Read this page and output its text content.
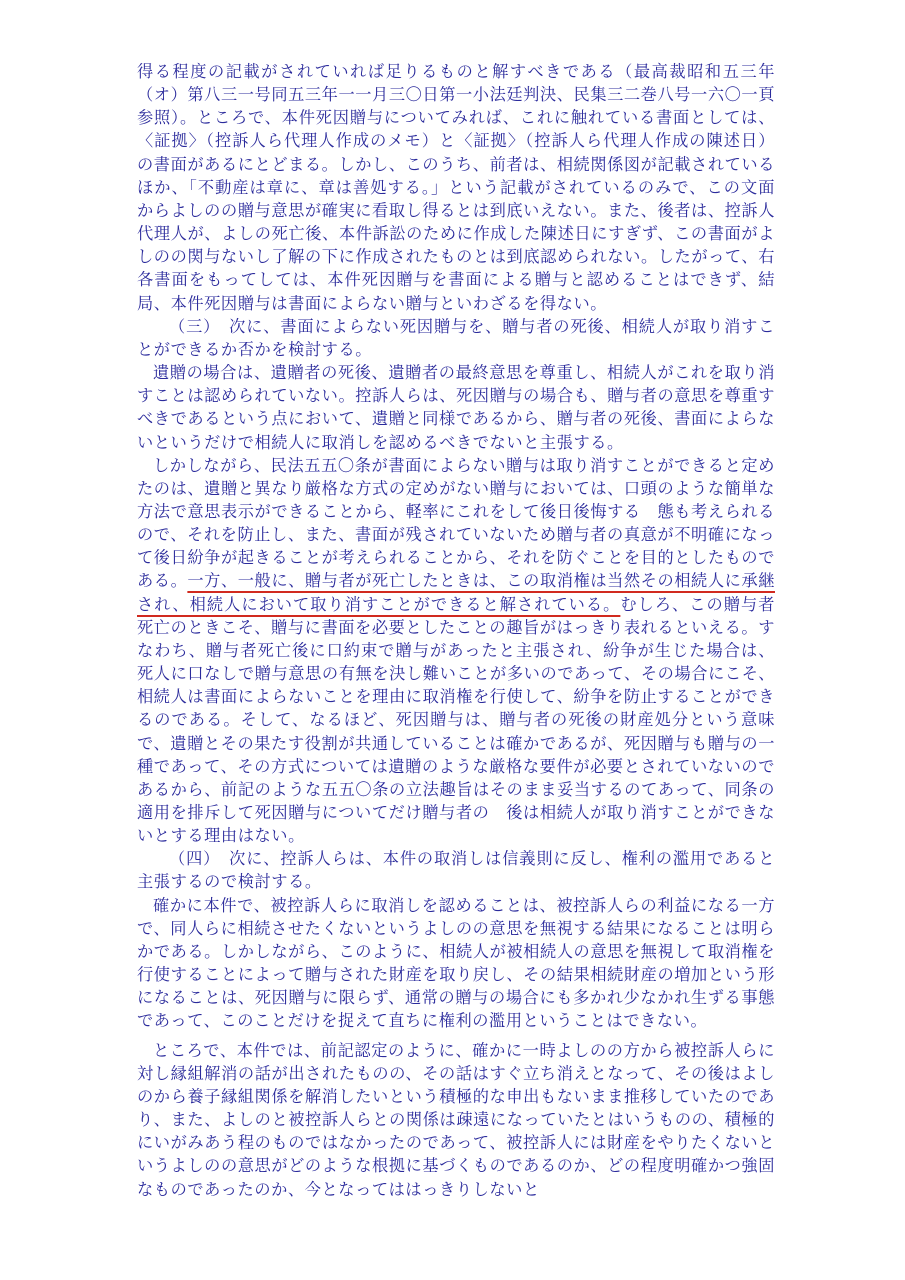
得る程度の記載がされていれば足りるものと解すべきである（最高裁昭和五三年（オ）第八三一号同五三年一一月三〇日第一小法廷判決、民集三二巻八号一六〇一頁参照）。ところで、本件死因贈与についてみれば、これに触れている書面としては、〈証拠〉（控訴人ら代理人作成のメモ）と〈証拠〉（控訴人ら代理人作成の陳述日）の書面があるにとどまる。しかし、このうち、前者は、相続関係図が記載されているほか、「不動産は章に、章は善処する。」という記載がされているのみで、この文面からよしのの贈与意思が確実に看取し得るとは到底いえない。また、後者は、控訴人代理人が、よしの死亡後、本件訴訟のために作成した陳述日にすぎず、この書面がよしのの関与ないし了解の下に作成されたものとは到底認められない。したがって、右各書面をもってしては、本件死因贈与を書面による贈与と認めることはできず、結局、本件死因贈与は書面によらない贈与といわざるを得ない。

（三）　次に、書面によらない死因贈与を、贈与者の死後、相続人が取り消すことができるか否かを検討する。

遺贈の場合は、遺贈者の死後、遺贈者の最終意思を尊重し、相続人がこれを取り消すことは認められていない。控訴人らは、死因贈与の場合も、贈与者の意思を尊重すべきであるという点において、遺贈と同様であるから、贈与者の死後、書面によらないというだけで相続人に取消しを認めるべきでないと主張する。

しかしながら、民法五五〇条が書面によらない贈与は取り消すことができると定めたのは、遺贈と異なり厳格な方式の定めがない贈与においては、口頭のような簡単な方法で意思表示ができることから、軽率にこれをして後日後悔する　態も考えられるので、それを防止し、また、書面が残されていないため贈与者の真意が不明確になって後日紛争が起きることが考えられることから、それを防ぐことを目的としたものである。一方、一般に、贈与者が死亡したときは、この取消権は当然その相続人に承継され、相続人において取り消すことができると解されている。むしろ、この贈与者死亡のときこそ、贈与に書面を必要としたことの趣旨がはっきり表れるといえる。すなわち、贈与者死亡後に口約束で贈与があったと主張され、紛争が生じた場合は、死人に口なしで贈与意思の有無を決し難いことが多いのであって、その場合にこそ、相続人は書面によらないことを理由に取消権を行使して、紛争を防止することができるのである。そして、なるほど、死因贈与は、贈与者の死後の財産処分という意味で、遺贈とその果たす役割が共通していることは確かであるが、死因贈与も贈与の一種であって、その方式については遺贈のような厳格な要件が必要とされていないのであるから、前記のような五五〇条の立法趣旨はそのまま妥当するのてあって、同条の適用を排斥して死因贈与についてだけ贈与者の　後は相続人が取り消すことができないとする理由はない。

（四）　次に、控訴人らは、本件の取消しは信義則に反し、権利の濫用であると主張するので検討する。

確かに本件で、被控訴人らに取消しを認めることは、被控訴人らの利益になる一方で、同人らに相続させたくないというよしのの意思を無視する結果になることは明らかである。しかしながら、このように、相続人が被相続人の意思を無視して取消権を行使することによって贈与された財産を取り戻し、その結果相続財産の増加という形になることは、死因贈与に限らず、通常の贈与の場合にも多かれ少なかれ生ずる事態であって、このことだけを捉えて直ちに権利の濫用ということはできない。

ところで、本件では、前記認定のように、確かに一時よしのの方から被控訴人らに対し縁組解消の話が出されたものの、その話はすぐ立ち消えとなって、その後はよしのから養子縁組関係を解消したいという積極的な申出もないまま推移していたのであり、また、よしのと被控訴人らとの関係は疎遠になっていたとはいうものの、積極的にいがみあう程のものではなかったのであって、被控訴人には財産をやりたくないというよしのの意思がどのような根拠に基づくものであるのか、どの程度明確かつ強固なものであったのか、今となってははっきりしないと
